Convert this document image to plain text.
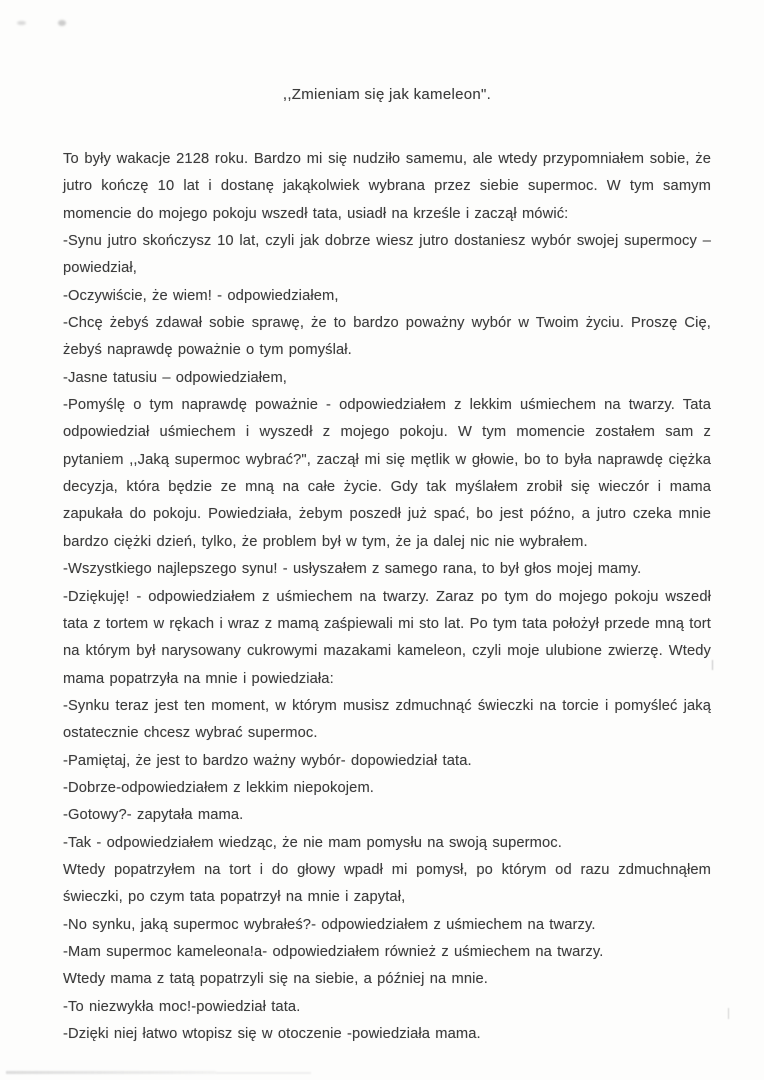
,,Zmieniam się jak kameleon".

To były wakacje 2128 roku. Bardzo mi się nudziło samemu, ale wtedy przypomniałem sobie, że jutro kończę 10 lat i dostanę jakąkolwiek wybrana przez siebie supermoc. W tym samym momencie do mojego pokoju wszedł tata, usiadł na krześle i zaczął mówić:

-Synu jutro skończysz 10 lat, czyli jak dobrze wiesz jutro dostaniesz wybór swojej supermocy – powiedział,

-Oczywiście, że wiem! - odpowiedziałem,

-Chcę żebyś zdawał sobie sprawę, że to bardzo poważny wybór w Twoim życiu. Proszę Cię, żebyś naprawdę poważnie o tym pomyślał.

-Jasne tatusiu – odpowiedziałem,

-Pomyślę o tym naprawdę poważnie - odpowiedziałem z lekkim uśmiechem na twarzy. Tata odpowiedział uśmiechem i wyszedł z mojego pokoju. W tym momencie zostałem sam z pytaniem ,,Jaką supermoc wybrać?", zaczął mi się mętlik w głowie, bo to była naprawdę ciężka decyzja, która będzie ze mną na całe życie. Gdy tak myślałem zrobił się wieczór i mama zapukała do pokoju. Powiedziała, żebym poszedł już spać, bo jest późno, a jutro czeka mnie bardzo ciężki dzień, tylko, że problem był w tym, że ja dalej nic nie wybrałem.

-Wszystkiego najlepszego synu! - usłyszałem z samego rana, to był głos mojej mamy.

-Dziękuję! - odpowiedziałem z uśmiechem na twarzy. Zaraz po tym do mojego pokoju wszedł tata z tortem w rękach i wraz z mamą zaśpiewali mi sto lat. Po tym tata położył przede mną tort na którym był narysowany cukrowymi mazakami kameleon, czyli moje ulubione zwierzę. Wtedy mama popatrzyła na mnie i powiedziała:

-Synku teraz jest ten moment, w którym musisz zdmuchnąć świeczki na torcie i pomyśleć jaką ostatecznie chcesz wybrać supermoc.

-Pamiętaj, że jest to bardzo ważny wybór- dopowiedział tata.

-Dobrze-odpowiedziałem z lekkim niepokojem.

-Gotowy?- zapytała mama.

-Tak - odpowiedziałem wiedząc, że nie mam pomysłu na swoją supermoc.

Wtedy popatrzyłem na tort i do głowy wpadł mi pomysł, po którym od razu zdmuchnąłem świeczki, po czym tata popatrzył na mnie i zapytał,

-No synku, jaką supermoc wybrałeś?- odpowiedziałem z uśmiechem na twarzy.

-Mam supermoc kameleona!a- odpowiedziałem również z uśmiechem na twarzy.

Wtedy mama z tatą popatrzyli się na siebie, a później na mnie.

-To niezwykła moc!-powiedział tata.

-Dzięki niej łatwo wtopisz się w otoczenie -powiedziała mama.
